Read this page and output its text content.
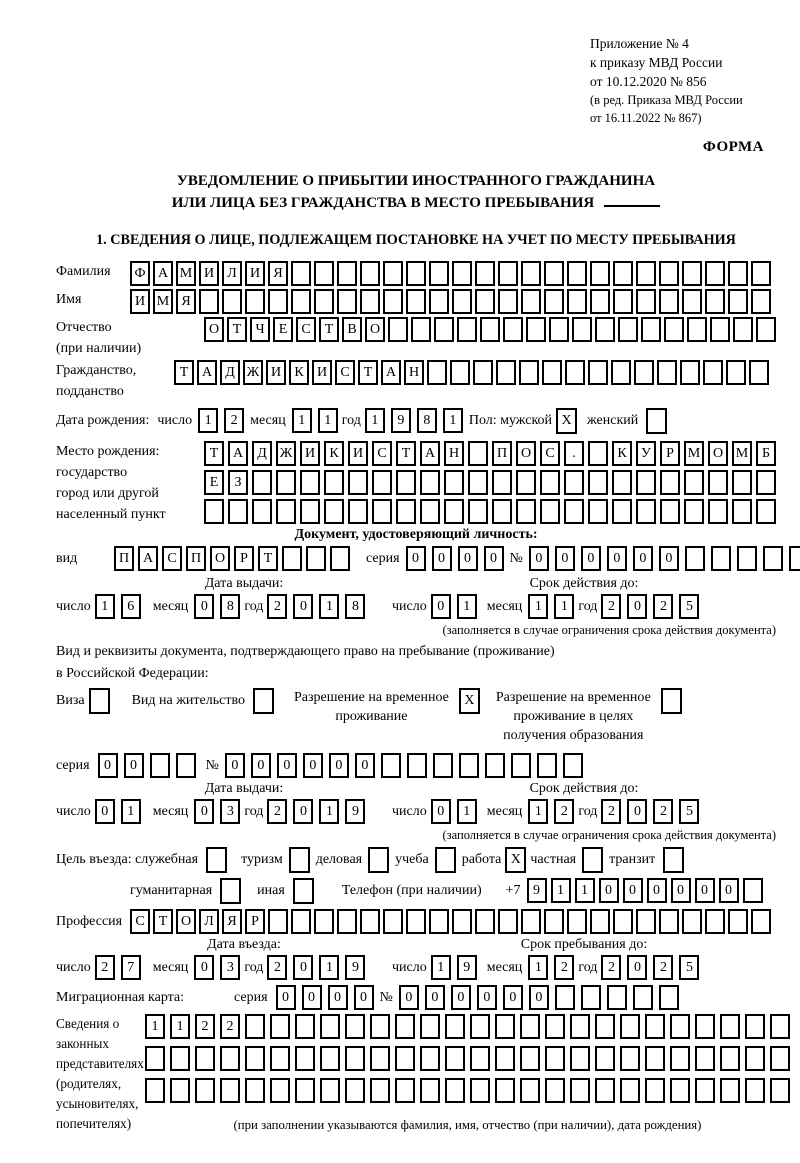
Приложение № 4
к приказу МВД России
от 10.12.2020 № 856
(в ред. Приказа МВД России
от 16.11.2022 № 867)
ФОРМА
УВЕДОМЛЕНИЕ О ПРИБЫТИИ ИНОСТРАННОГО ГРАЖДАНИНА
ИЛИ ЛИЦА БЕЗ ГРАЖДАНСТВА В МЕСТО ПРЕБЫВАНИЯ
1. СВЕДЕНИЯ О ЛИЦЕ, ПОДЛЕЖАЩЕМ ПОСТАНОВКЕ НА УЧЕТ ПО МЕСТУ ПРЕБЫВАНИЯ
Фамилия	Ф А М И Л И Я
Имя	И М Я
Отчество
(при наличии)
О Т	Ч	Е	С	Т	В О
Гражданство,
подданство
Т А Д Ж И К И С	Т А Н
Дата рождения: число 1	2 месяц 1	1 год 1	9	8	1 Пол: мужской X	женский
Место рождения:
государство
город или другой
населенный пункт
Т	А	Д Ж И	К	И	С	Т	А Н	П О	С	.	К	У	Р М О М Б
Е	З
Документ, удостоверяющий личность:
вид	П А	С	П О	Р	Т	серия 0	0	0	0 № 0	0	0	0	0	0
Дата выдачи:
число 1	6	месяц 0	8 год 2	0	1	8
Срок действия до:
число 0	1	месяц 1	1 год 2	0	2	5
(заполняется в случае ограничения срока действия документа)
Вид и реквизиты документа, подтверждающего право на пребывание (проживание)
в Российской Федерации:
Виза	Вид на жительство	Разрешение на временное
проживание
X	Разрешение на временное
проживание в целях
получения образования
серия	0	0	№ 0	0	0	0	0	0
Дата выдачи:
число 0	1	месяц 0	3 год 2	0	1	9
Срок действия до:
число 0	1	месяц 1	2 год 2	0	2	5
(заполняется в случае ограничения срока действия документа)
Цель въезда: служебная	туризм деловая учеба работа X частная транзит
гуманитарная	иная	Телефон (при наличии) +7 9	1	1	0	0	0	0	0	0
Профессия С	Т О Л Я	Р
Дата въезда:
число 2	7	месяц 0	3 год 2	0	1	9
Срок пребывания до:
число 1	9	месяц 1	2 год 2	0	2	5
Миграционная карта:	серия	0	0	0	0 № 0	0	0	0	0	0
Сведения о
законных
представителях
(родителях,
усыновителях,
попечителях)
1	1	2	2
(при заполнении указываются фамилия, имя, отчество (при наличии), дата рождения)
